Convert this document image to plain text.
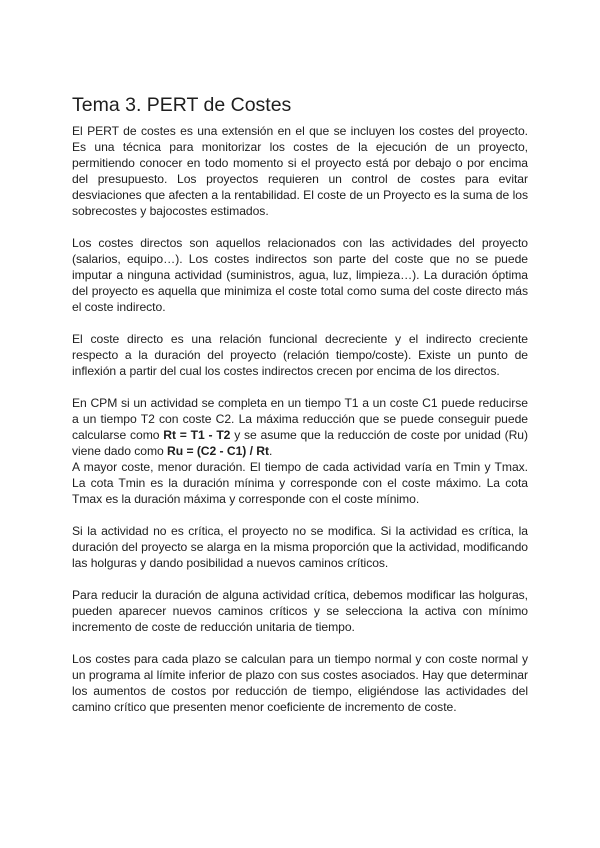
Tema 3. PERT de Costes

El PERT de costes es una extensión en el que se incluyen los costes del proyecto. Es una técnica para monitorizar los costes de la ejecución de un proyecto, permitiendo conocer en todo momento si el proyecto está por debajo o por encima del presupuesto. Los proyectos requieren un control de costes para evitar desviaciones que afecten a la rentabilidad. El coste de un Proyecto es la suma de los sobrecostes y bajocostes estimados.

Los costes directos son aquellos relacionados con las actividades del proyecto (salarios, equipo…). Los costes indirectos son parte del coste que no se puede imputar a ninguna actividad (suministros, agua, luz, limpieza…). La duración óptima del proyecto es aquella que minimiza el coste total como suma del coste directo más el coste indirecto.

El coste directo es una relación funcional decreciente y el indirecto creciente respecto a la duración del proyecto (relación tiempo/coste). Existe un punto de inflexión a partir del cual los costes indirectos crecen por encima de los directos.

En CPM si un actividad se completa en un tiempo T1 a un coste C1 puede reducirse a un tiempo T2 con coste C2. La máxima reducción que se puede conseguir puede calcularse como Rt = T1 - T2 y se asume que la reducción de coste por unidad (Ru) viene dado como Ru = (C2 - C1) / Rt.

A mayor coste, menor duración. El tiempo de cada actividad varía en Tmin y Tmax. La cota Tmin es la duración mínima y corresponde con el coste máximo. La cota Tmax es la duración máxima y corresponde con el coste mínimo.

Si la actividad no es crítica, el proyecto no se modifica. Si la actividad es crítica, la duración del proyecto se alarga en la misma proporción que la actividad, modificando las holguras y dando posibilidad a nuevos caminos críticos.

Para reducir la duración de alguna actividad crítica, debemos modificar las holguras, pueden aparecer nuevos caminos críticos y se selecciona la activa con mínimo incremento de coste de reducción unitaria de tiempo.

Los costes para cada plazo se calculan para un tiempo normal y con coste normal y un programa al límite inferior de plazo con sus costes asociados. Hay que determinar los aumentos de costos por reducción de tiempo, eligiéndose las actividades del camino crítico que presenten menor coeficiente de incremento de coste.
